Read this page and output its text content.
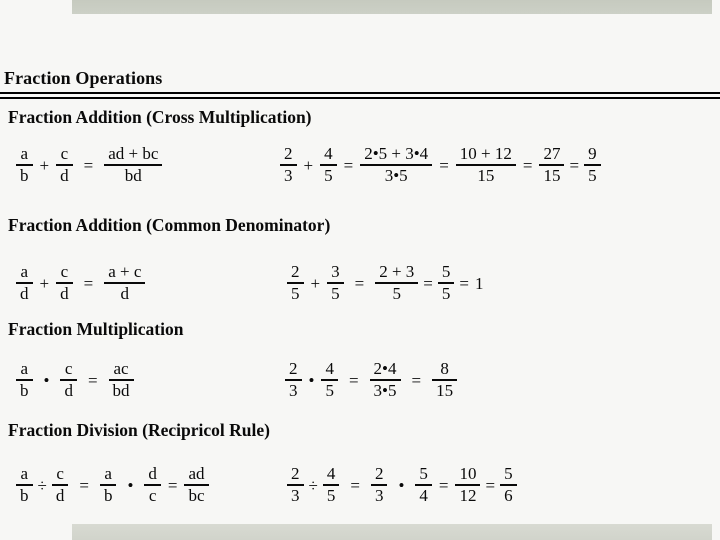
Fraction Operations
Fraction Addition (Cross Multiplication)
$\frac{a}{b} + \frac{c}{d} = \frac{ad + bc}{bd}$	$\frac{2}{3} + \frac{4}{5} = \frac{2•5 + 3•4}{3•5} = \frac{10 + 12}{15} = \frac{27}{15} = \frac{9}{5}$
Fraction Addition (Common Denominator)
$\frac{a}{d} + \frac{c}{d} = \frac{a + c}{d}$	$\frac{2}{5} + \frac{3}{5} = \frac{2 + 3}{5} = \frac{5}{5} = 1$
Fraction Multiplication
$\frac{a}{b}$ • $\frac{c}{d} = \frac{ac}{bd}$	$\frac{2}{3}$ • $\frac{4}{5} = \frac{2•4}{3•5} = \frac{8}{15}$
Fraction Division (Recipricol Rule)
$\frac{a}{b} \div \frac{c}{d} = \frac{a}{b}$ • $\frac{d}{c} = \frac{ad}{bc}$	$\frac{2}{3} \div \frac{4}{5} = \frac{2}{3}$ • $\frac{5}{4} = \frac{10}{12} = \frac{5}{6}$
